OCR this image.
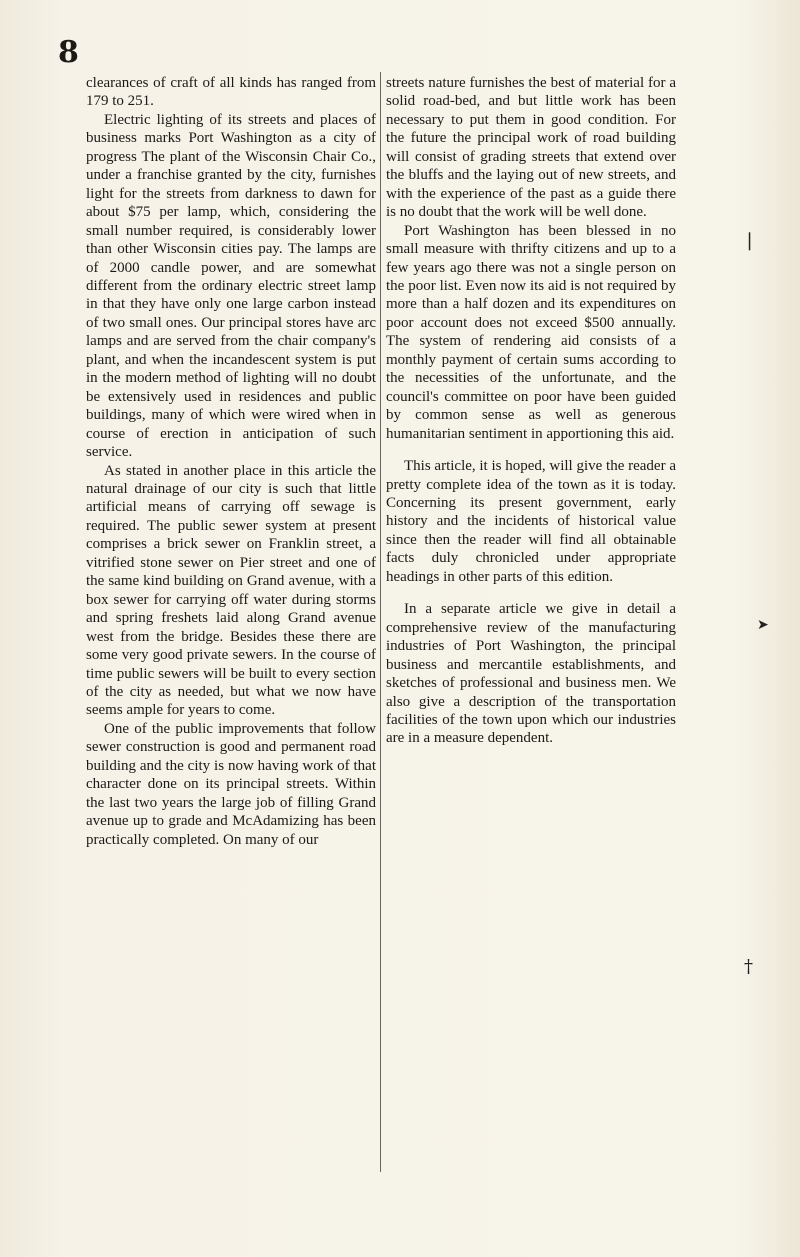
8

clearances of craft of all kinds has ranged from 179 to 251.

Electric lighting of its streets and places of business marks Port Washington as a city of progress The plant of the Wisconsin Chair Co., under a franchise granted by the city, furnishes light for the streets from darkness to dawn for about $75 per lamp, which, considering the small number required, is considerably lower than other Wisconsin cities pay. The lamps are of 2000 candle power, and are somewhat different from the ordinary electric street lamp in that they have only one large carbon instead of two small ones. Our principal stores have arc lamps and are served from the chair company's plant, and when the incandescent system is put in the modern method of lighting will no doubt be extensively used in residences and public buildings, many of which were wired when in course of erection in anticipation of such service.

As stated in another place in this article the natural drainage of our city is such that little artificial means of carrying off sewage is required. The public sewer system at present comprises a brick sewer on Franklin street, a vitrified stone sewer on Pier street and one of the same kind building on Grand avenue, with a box sewer for carrying off water during storms and spring freshets laid along Grand avenue west from the bridge. Besides these there are some very good private sewers. In the course of time public sewers will be built to every section of the city as needed, but what we now have seems ample for years to come.

One of the public improvements that follow sewer construction is good and permanent road building and the city is now having work of that character done on its principal streets. Within the last two years the large job of filling Grand avenue up to grade and McAdamizing has been practically completed. On many of our

streets nature furnishes the best of material for a solid road-bed, and but little work has been necessary to put them in good condition. For the future the principal work of road building will consist of grading streets that extend over the bluffs and the laying out of new streets, and with the experience of the past as a guide there is no doubt that the work will be well done.

Port Washington has been blessed in no small measure with thrifty citizens and up to a few years ago there was not a single person on the poor list. Even now its aid is not required by more than a half dozen and its expenditures on poor account does not exceed $500 annually. The system of rendering aid consists of a monthly payment of certain sums according to the necessities of the unfortunate, and the council's committee on poor have been guided by common sense as well as generous humanitarian sentiment in apportioning this aid.

This article, it is hoped, will give the reader a pretty complete idea of the town as it is today. Concerning its present government, early history and the incidents of historical value since then the reader will find all obtainable facts duly chronicled under appropriate headings in other parts of this edition.

In a separate article we give in detail a comprehensive review of the manufacturing industries of Port Washington, the principal business and mercantile establishments, and sketches of professional and business men. We also give a description of the transportation facilities of the town upon which our industries are in a measure dependent.

❘
➤
†
